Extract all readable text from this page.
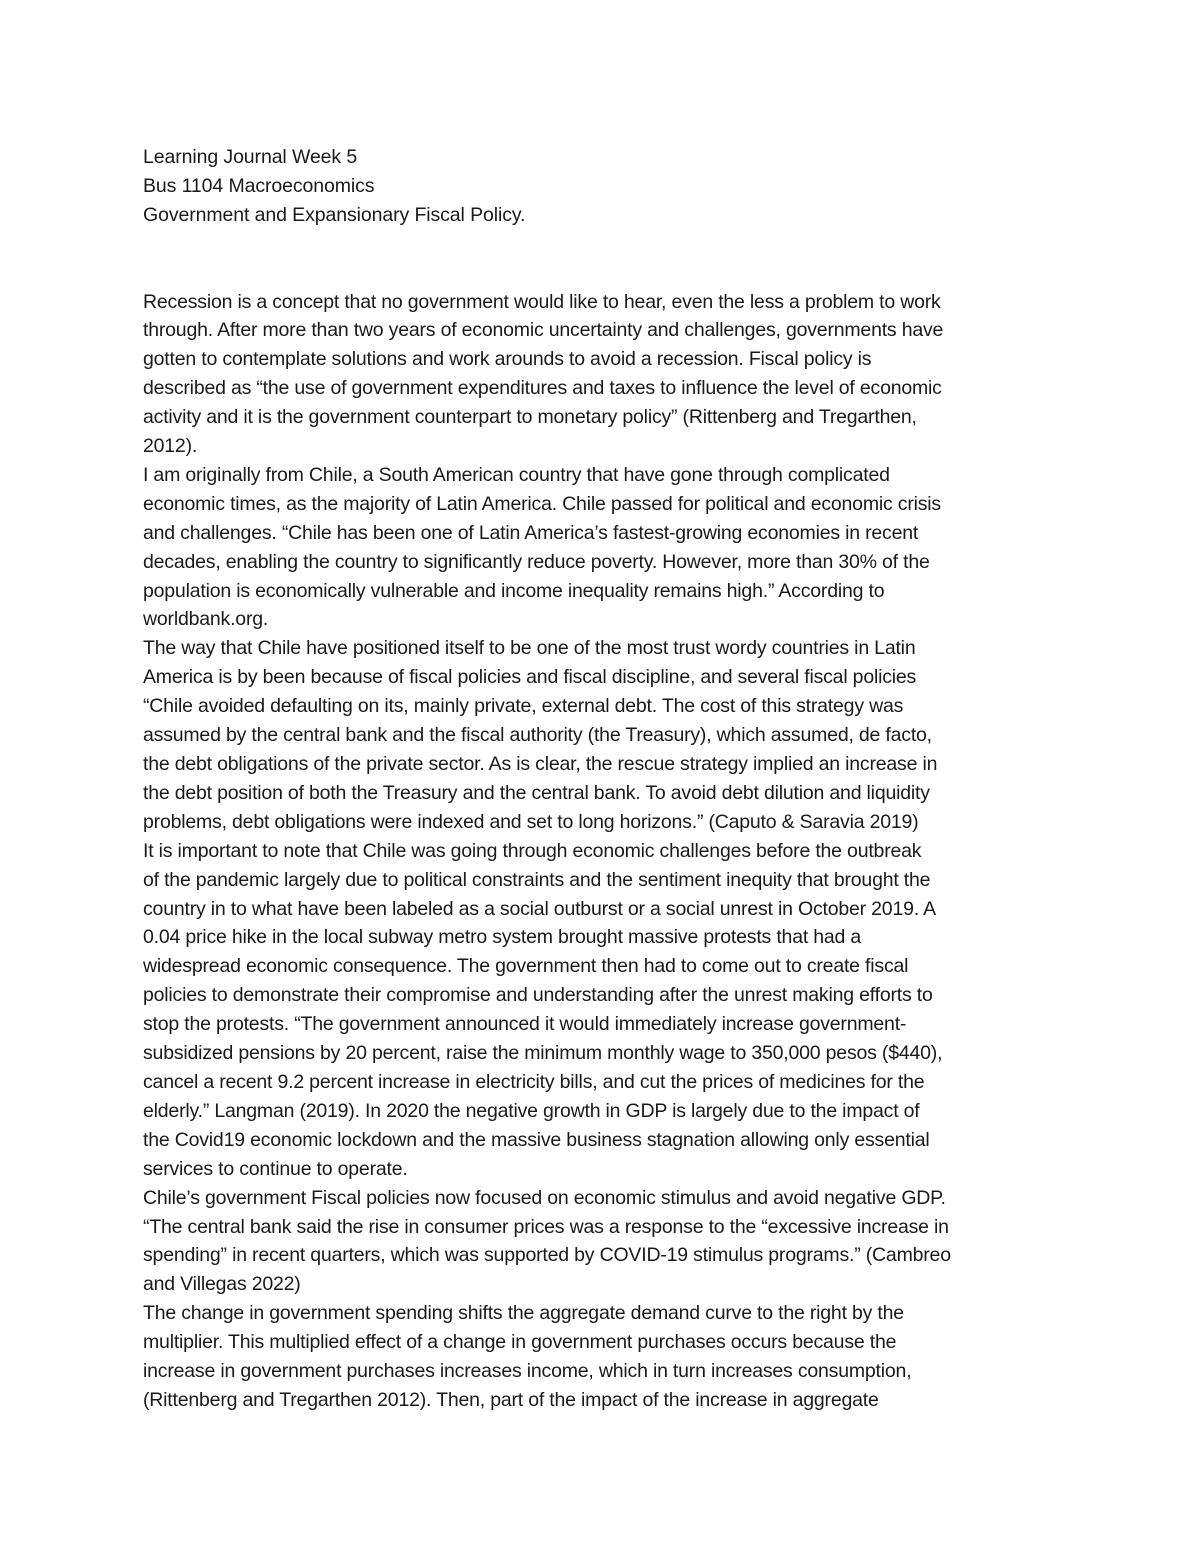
Learning Journal Week 5
Bus 1104 Macroeconomics
Government and Expansionary Fiscal Policy.
Recession is a concept that no government would like to hear, even the less a problem to work
through. After more than two years of economic uncertainty and challenges, governments have
gotten to contemplate solutions and work arounds to avoid a recession. Fiscal policy is
described as “the use of government expenditures and taxes to influence the level of economic
activity and it is the government counterpart to monetary policy” (Rittenberg and Tregarthen,
2012).
I am originally from Chile, a South American country that have gone through complicated
economic times, as the majority of Latin America. Chile passed for political and economic crisis
and challenges. “Chile has been one of Latin America’s fastest-growing economies in recent
decades, enabling the country to significantly reduce poverty. However, more than 30% of the
population is economically vulnerable and income inequality remains high.” According to
worldbank.org.
The way that Chile have positioned itself to be one of the most trust wordy countries in Latin
America is by been because of fiscal policies and fiscal discipline, and several fiscal policies
“Chile avoided defaulting on its, mainly private, external debt. The cost of this strategy was
assumed by the central bank and the fiscal authority (the Treasury), which assumed, de facto,
the debt obligations of the private sector. As is clear, the rescue strategy implied an increase in
the debt position of both the Treasury and the central bank. To avoid debt dilution and liquidity
problems, debt obligations were indexed and set to long horizons.” (Caputo & Saravia 2019)
It is important to note that Chile was going through economic challenges before the outbreak
of the pandemic largely due to political constraints and the sentiment inequity that brought the
country in to what have been labeled as a social outburst or a social unrest in October 2019. A
0.04 price hike in the local subway metro system brought massive protests that had a
widespread economic consequence. The government then had to come out to create fiscal
policies to demonstrate their compromise and understanding after the unrest making efforts to
stop the protests. “The government announced it would immediately increase government-
subsidized pensions by 20 percent, raise the minimum monthly wage to 350,000 pesos ($440),
cancel a recent 9.2 percent increase in electricity bills, and cut the prices of medicines for the
elderly.” Langman (2019). In 2020 the negative growth in GDP is largely due to the impact of
the Covid19 economic lockdown and the massive business stagnation allowing only essential
services to continue to operate.
Chile’s government Fiscal policies now focused on economic stimulus and avoid negative GDP.
“The central bank said the rise in consumer prices was a response to the “excessive increase in
spending” in recent quarters, which was supported by COVID-19 stimulus programs.” (Cambreo
and Villegas 2022)
The change in government spending shifts the aggregate demand curve to the right by the
multiplier. This multiplied effect of a change in government purchases occurs because the
increase in government purchases increases income, which in turn increases consumption,
(Rittenberg and Tregarthen 2012). Then, part of the impact of the increase in aggregate
